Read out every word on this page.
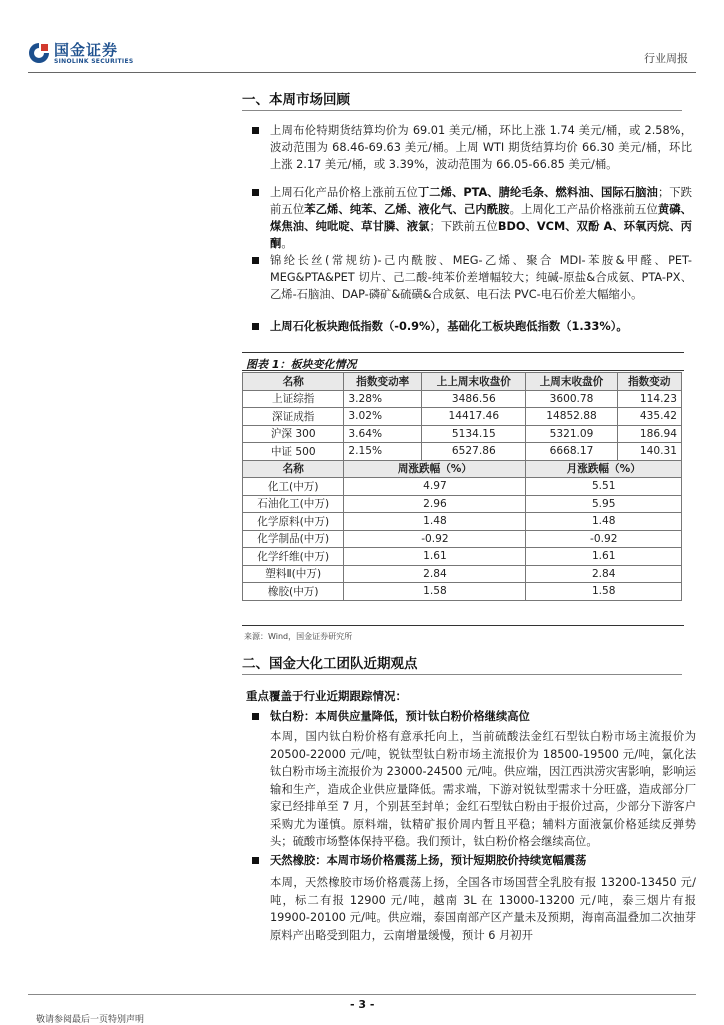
国金证券
SINOLINK SECURITIES	行业周报
一、本周市场回顾
上周布伦特期货结算均价为 69.01 美元/桶，环比上涨 1.74 美元/桶，或 2.58%，波动范围为 68.46-69.63 美元/桶。上周 WTI 期货结算均价 66.30 美元/桶，环比上涨 2.17 美元/桶，或 3.39%，波动范围为 66.05-66.85 美元/桶。
上周石化产品价格上涨前五位丁二烯、PTA、腈纶毛条、燃料油、国际石脑油；下跌前五位苯乙烯、纯苯、乙烯、液化气、己内酰胺。上周化工产品价格涨前五位黄磷、煤焦油、纯吡啶、草甘膦、液氯；下跌前五位BDO、VCM、双酚 A、环氧丙烷、丙酮。
锦纶长丝(常规纺)-己内酰胺、MEG-乙烯、聚合 MDI-苯胺&甲醛、PET-MEG&PTA&PET 切片、己二酸-纯苯价差增幅较大；纯碱-原盐&合成氨、PTA-PX、乙烯-石脑油、DAP-磷矿&硫磺&合成氨、电石法 PVC-电石价差大幅缩小。
上周石化板块跑低指数（-0.9%），基础化工板块跑低指数（1.33%）。
图表 1：板块变化情况
名称	指数变动率	上上周末收盘价	上周末收盘价	指数变动
上证综指	3.28%	3486.56	3600.78	114.23
深证成指	3.02%	14417.46	14852.88	435.42
沪深 300	3.64%	5134.15	5321.09	186.94
中证 500	2.15%	6527.86	6668.17	140.31
名称	周涨跌幅（%）		月涨跌幅（%）	
化工(中万)	4.97		5.51	
石油化工(中万)	2.96		5.95	
化学原料(中万)	1.48		1.48	
化学制品(中万)	-0.92		-0.92	
化学纤维(中万)	1.61		1.61	
塑料Ⅱ(中万)	2.84		2.84	
橡胶(中万)	1.58		1.58	
来源：Wind，国金证券研究所
二、国金大化工团队近期观点
重点覆盖于行业近期跟踪情况：
钛白粉：本周供应量降低，预计钛白粉价格继续高位
本周，国内钛白粉价格有意承托向上，当前硫酸法金红石型钛白粉市场主流报价为 20500-22000 元/吨，锐钛型钛白粉市场主流报价为 18500-19500 元/吨，氯化法钛白粉市场主流报价为 23000-24500 元/吨。供应端，因江西洪涝灾害影响，影响运输和生产，造成企业供应量降低。需求端，下游对锐钛型需求十分旺盛，造成部分厂家已经排单至 7 月，个别甚至封单；金红石型钛白粉由于报价过高，少部分下游客户采购尤为谨慎。原料端，钛精矿报价周内暂且平稳；辅料方面液氯价格延续反弹势头；硫酸市场整体保持平稳。我们预计，钛白粉价格会继续高位。
天然橡胶：本周市场价格震荡上扬，预计短期胶价持续宽幅震荡
本周，天然橡胶市场价格震荡上扬，全国各市场国营全乳胶有报 13200-13450 元/吨，标二有报 12900 元/吨，越南 3L 在 13000-13200 元/吨，泰三烟片有报 19900-20100 元/吨。供应端，泰国南部产区产量未及预期，海南高温叠加二次抽芽原料产出略受到阻力，云南增量缓慢，预计 6 月初开
- 3 -
敬请参阅最后一页特别声明
